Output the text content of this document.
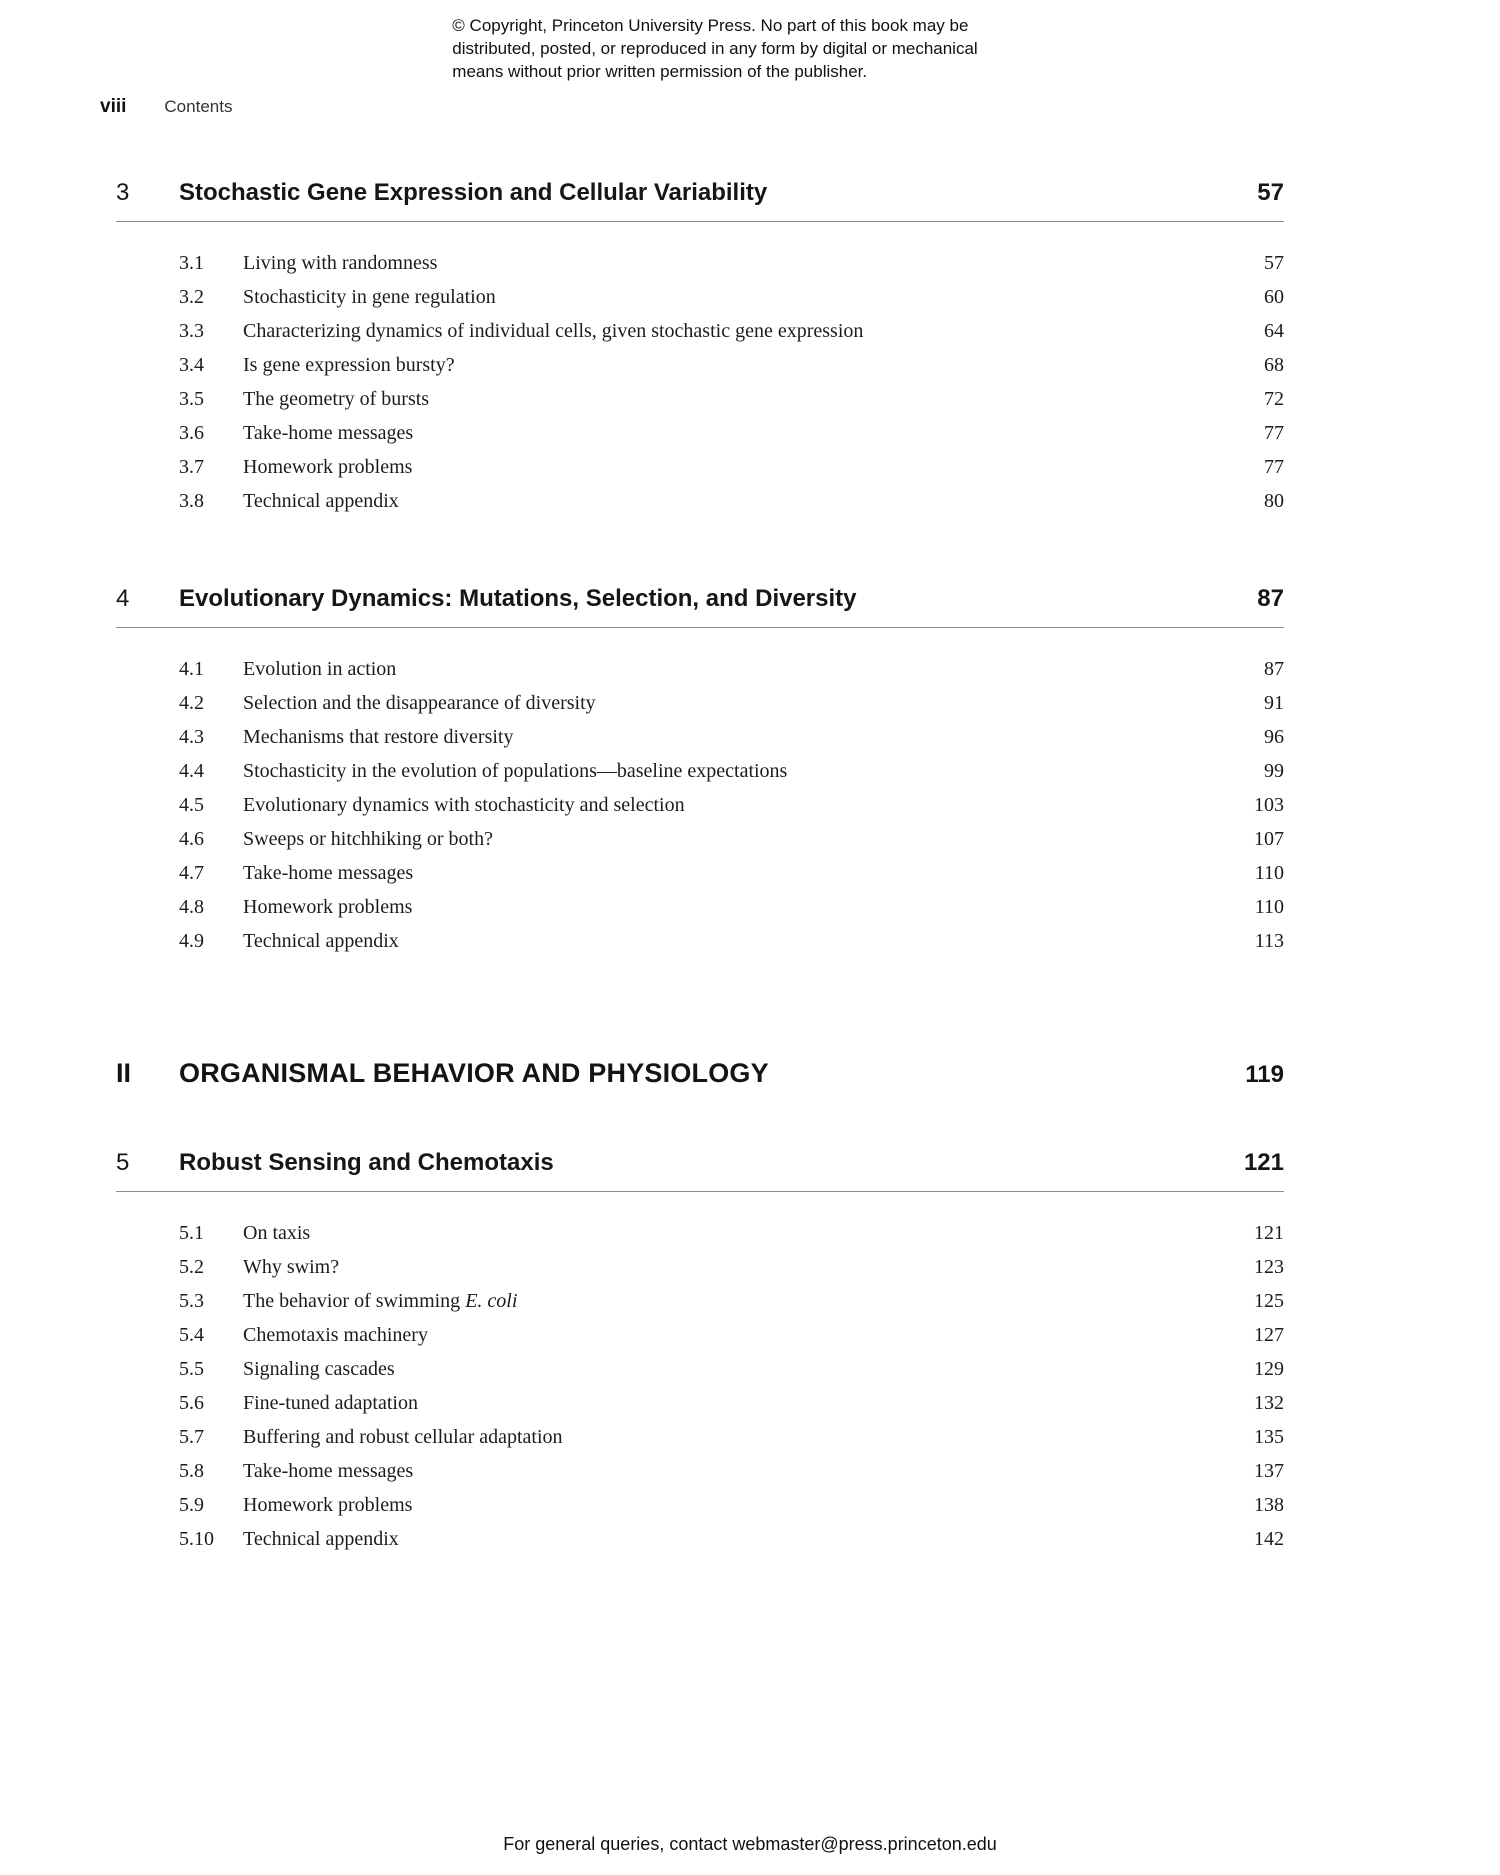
© Copyright, Princeton University Press. No part of this book may be
distributed, posted, or reproduced in any form by digital or mechanical
means without prior written permission of the publisher.
viii Contents
3	Stochastic Gene Expression and Cellular Variability	57
3.1	Living with randomness	57
3.2	Stochasticity in gene regulation	60
3.3	Characterizing dynamics of individual cells, given stochastic gene expression	64
3.4	Is gene expression bursty?	68
3.5	The geometry of bursts	72
3.6	Take-home messages	77
3.7	Homework problems	77
3.8	Technical appendix	80
4	Evolutionary Dynamics: Mutations, Selection, and Diversity	87
4.1	Evolution in action	87
4.2	Selection and the disappearance of diversity	91
4.3	Mechanisms that restore diversity	96
4.4	Stochasticity in the evolution of populations—baseline expectations	99
4.5	Evolutionary dynamics with stochasticity and selection	103
4.6	Sweeps or hitchhiking or both?	107
4.7	Take-home messages	110
4.8	Homework problems	110
4.9	Technical appendix	113
II	ORGANISMAL BEHAVIOR AND PHYSIOLOGY	119
5	Robust Sensing and Chemotaxis	121
5.1	On taxis	121
5.2	Why swim?	123
5.3	The behavior of swimming E. coli	125
5.4	Chemotaxis machinery	127
5.5	Signaling cascades	129
5.6	Fine-tuned adaptation	132
5.7	Buffering and robust cellular adaptation	135
5.8	Take-home messages	137
5.9	Homework problems	138
5.10	Technical appendix	142
For general queries, contact webmaster@press.princeton.edu
